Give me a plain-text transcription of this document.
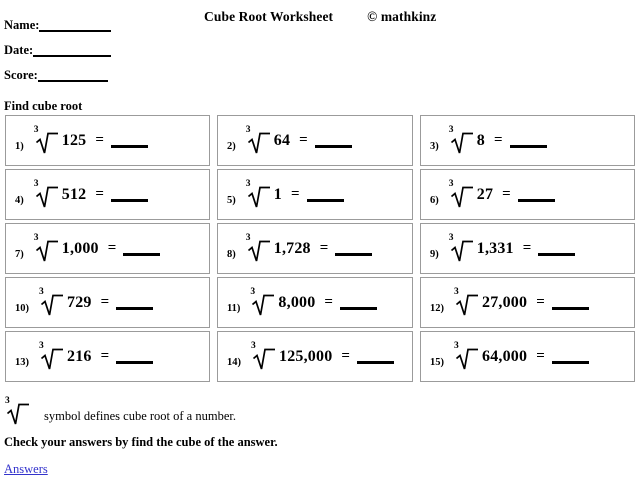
Name:
Date:
Score:
Cube Root Worksheet	© mathkinz
Find cube root
1)
3
125 =	2)
3
64 =	3)
3
8 =
4)
3
512 =	5)
3
1 =	6)
3
27 =
7)
3
1,000 =	8)
3
1,728 =	9)
3
1,331 =
10)
3
729 =	11)
3
8,000 =	12)
3
27,000 =
13)
3
216 =	14)
3
125,000 =	15)
3
64,000 =
3
symbol defines cube root of a number.
Check your answers by find the cube of the answer.
Answers
